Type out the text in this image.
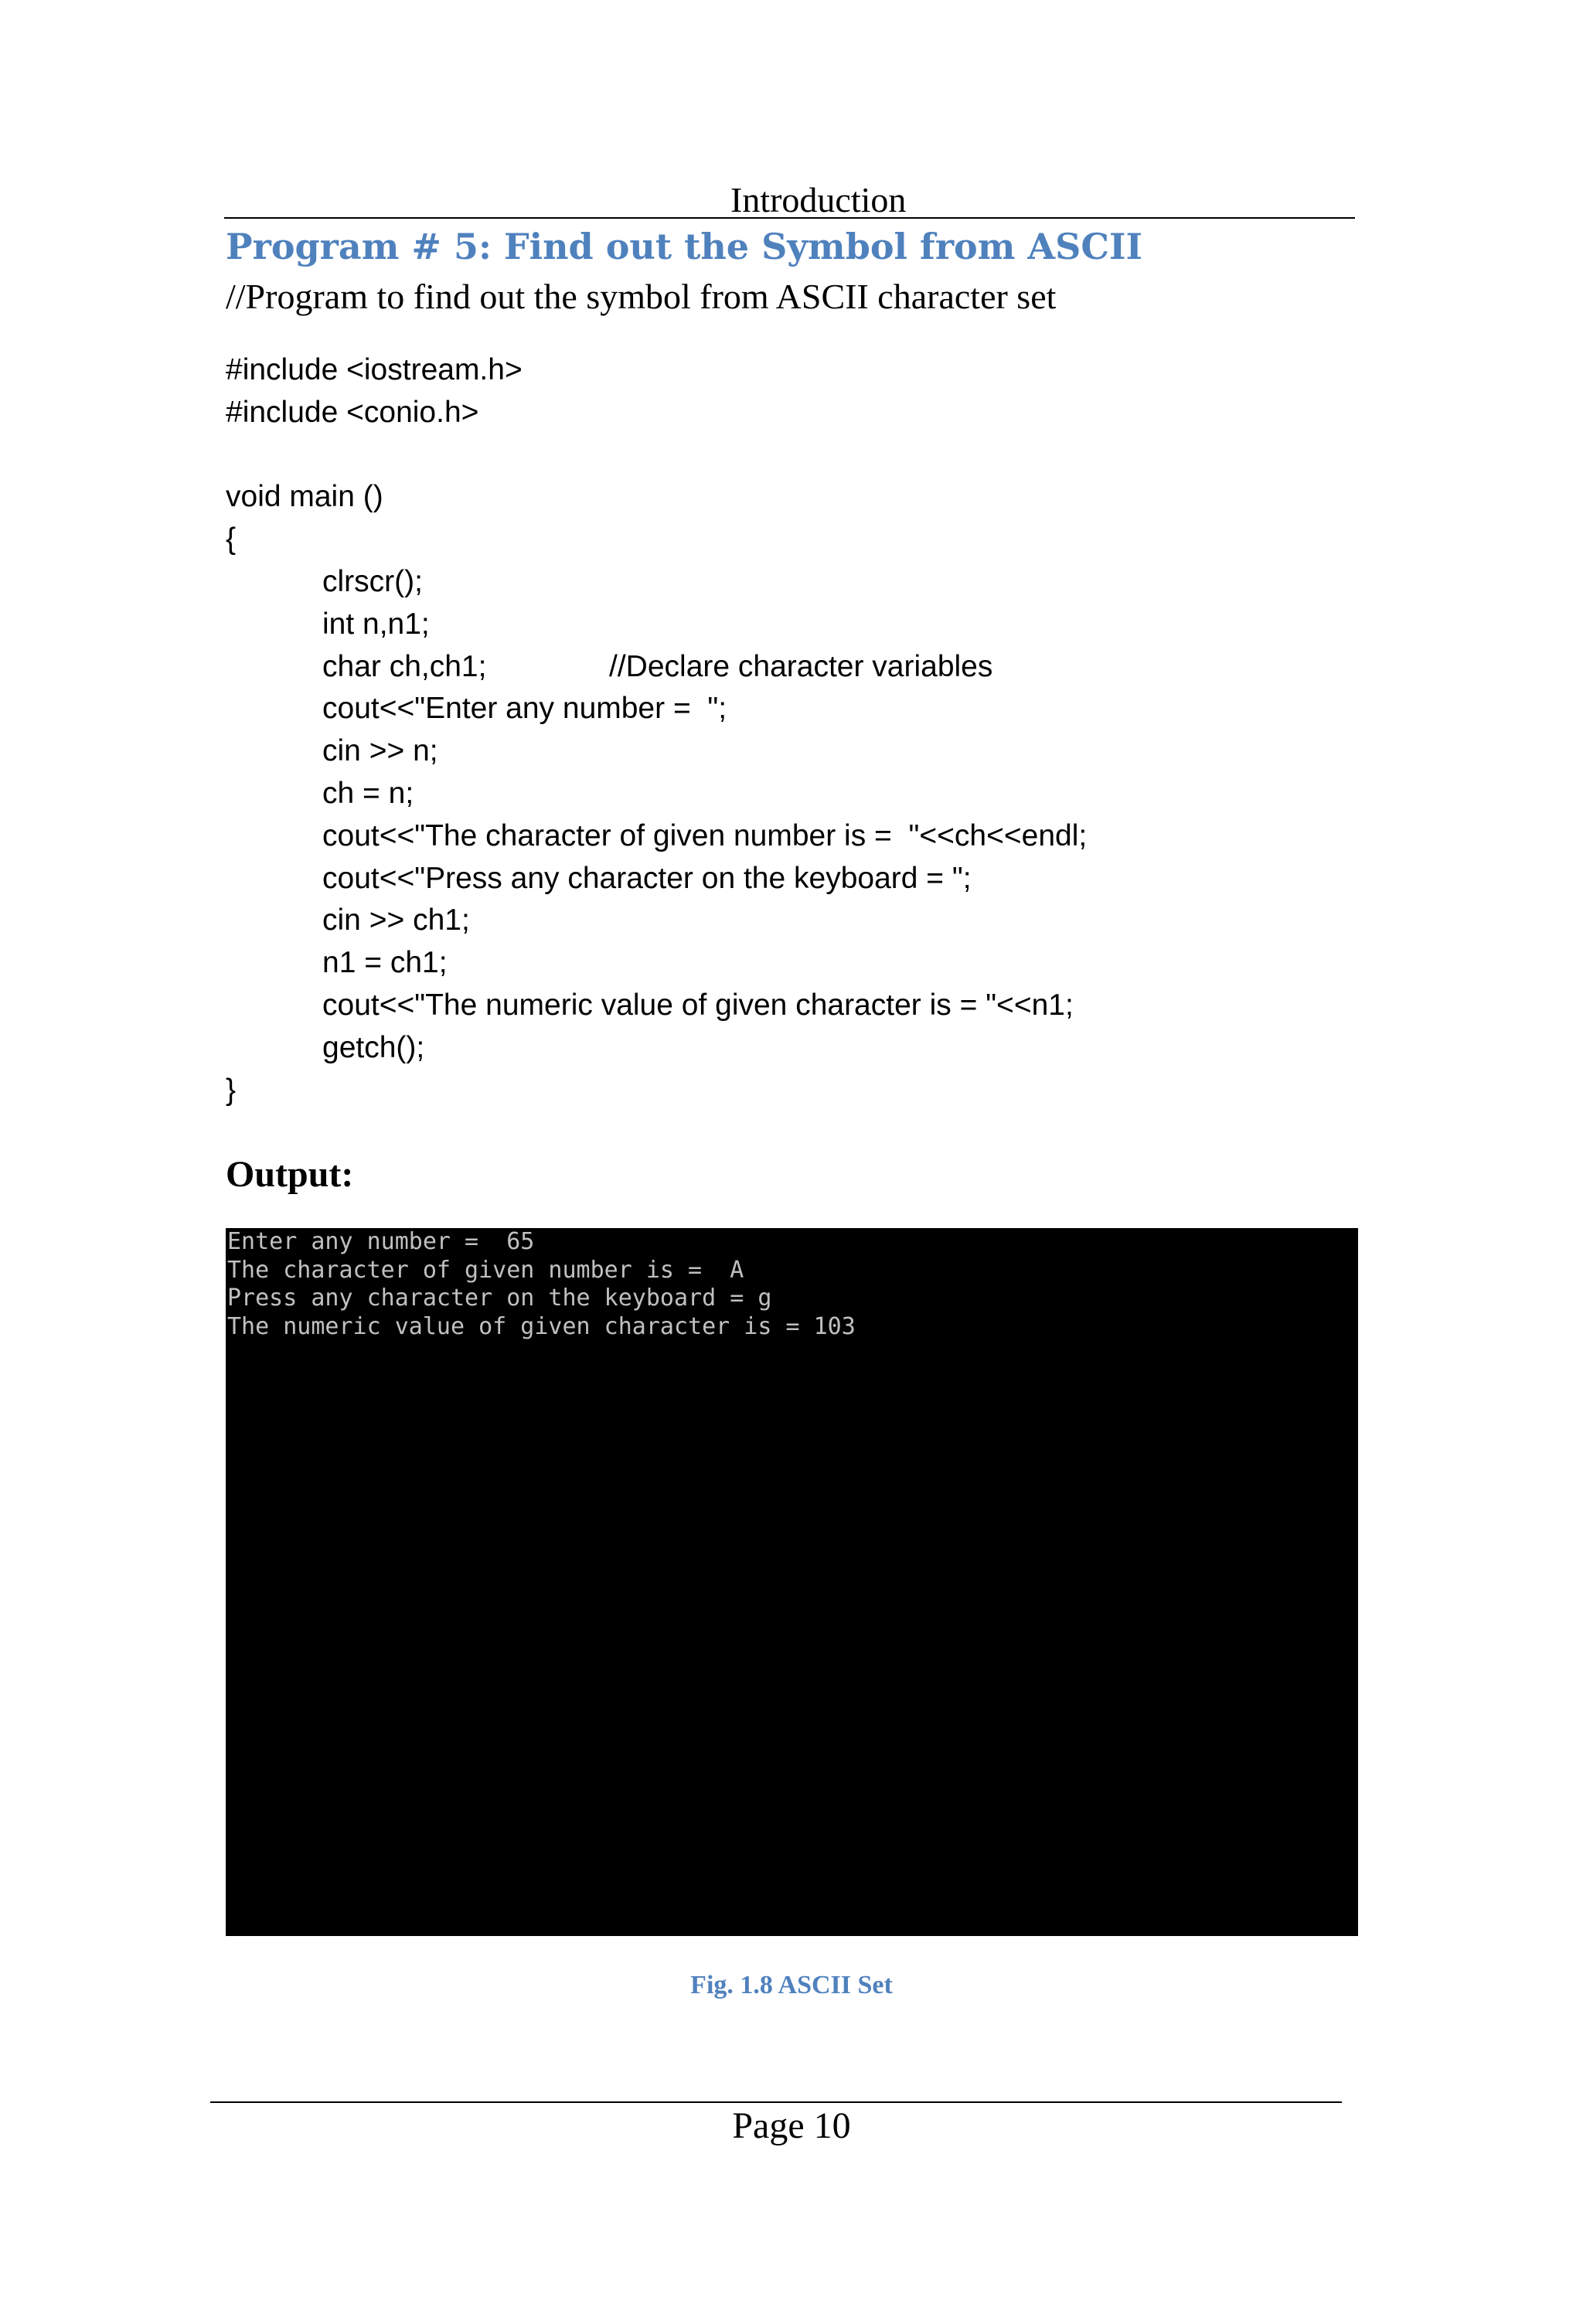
Introduction
Program # 5: Find out the Symbol from ASCII
//Program to find out the symbol from ASCII character set
#include <iostream.h>
#include <conio.h>
void main ()
{
clrscr();
int n,n1;
char ch,ch1;	//Declare character variables
cout<<"Enter any number =  ";
cin >> n;
ch = n;
cout<<"The character of given number is =  "<<ch<<endl;
cout<<"Press any character on the keyboard = ";
cin >> ch1;
n1 = ch1;
cout<<"The numeric value of given character is = "<<n1;
getch();
}
Output:
Enter any number =  65
The character of given number is =  A
Press any character on the keyboard = g
The numeric value of given character is = 103
Fig. 1.8 ASCII Set
Page 10
